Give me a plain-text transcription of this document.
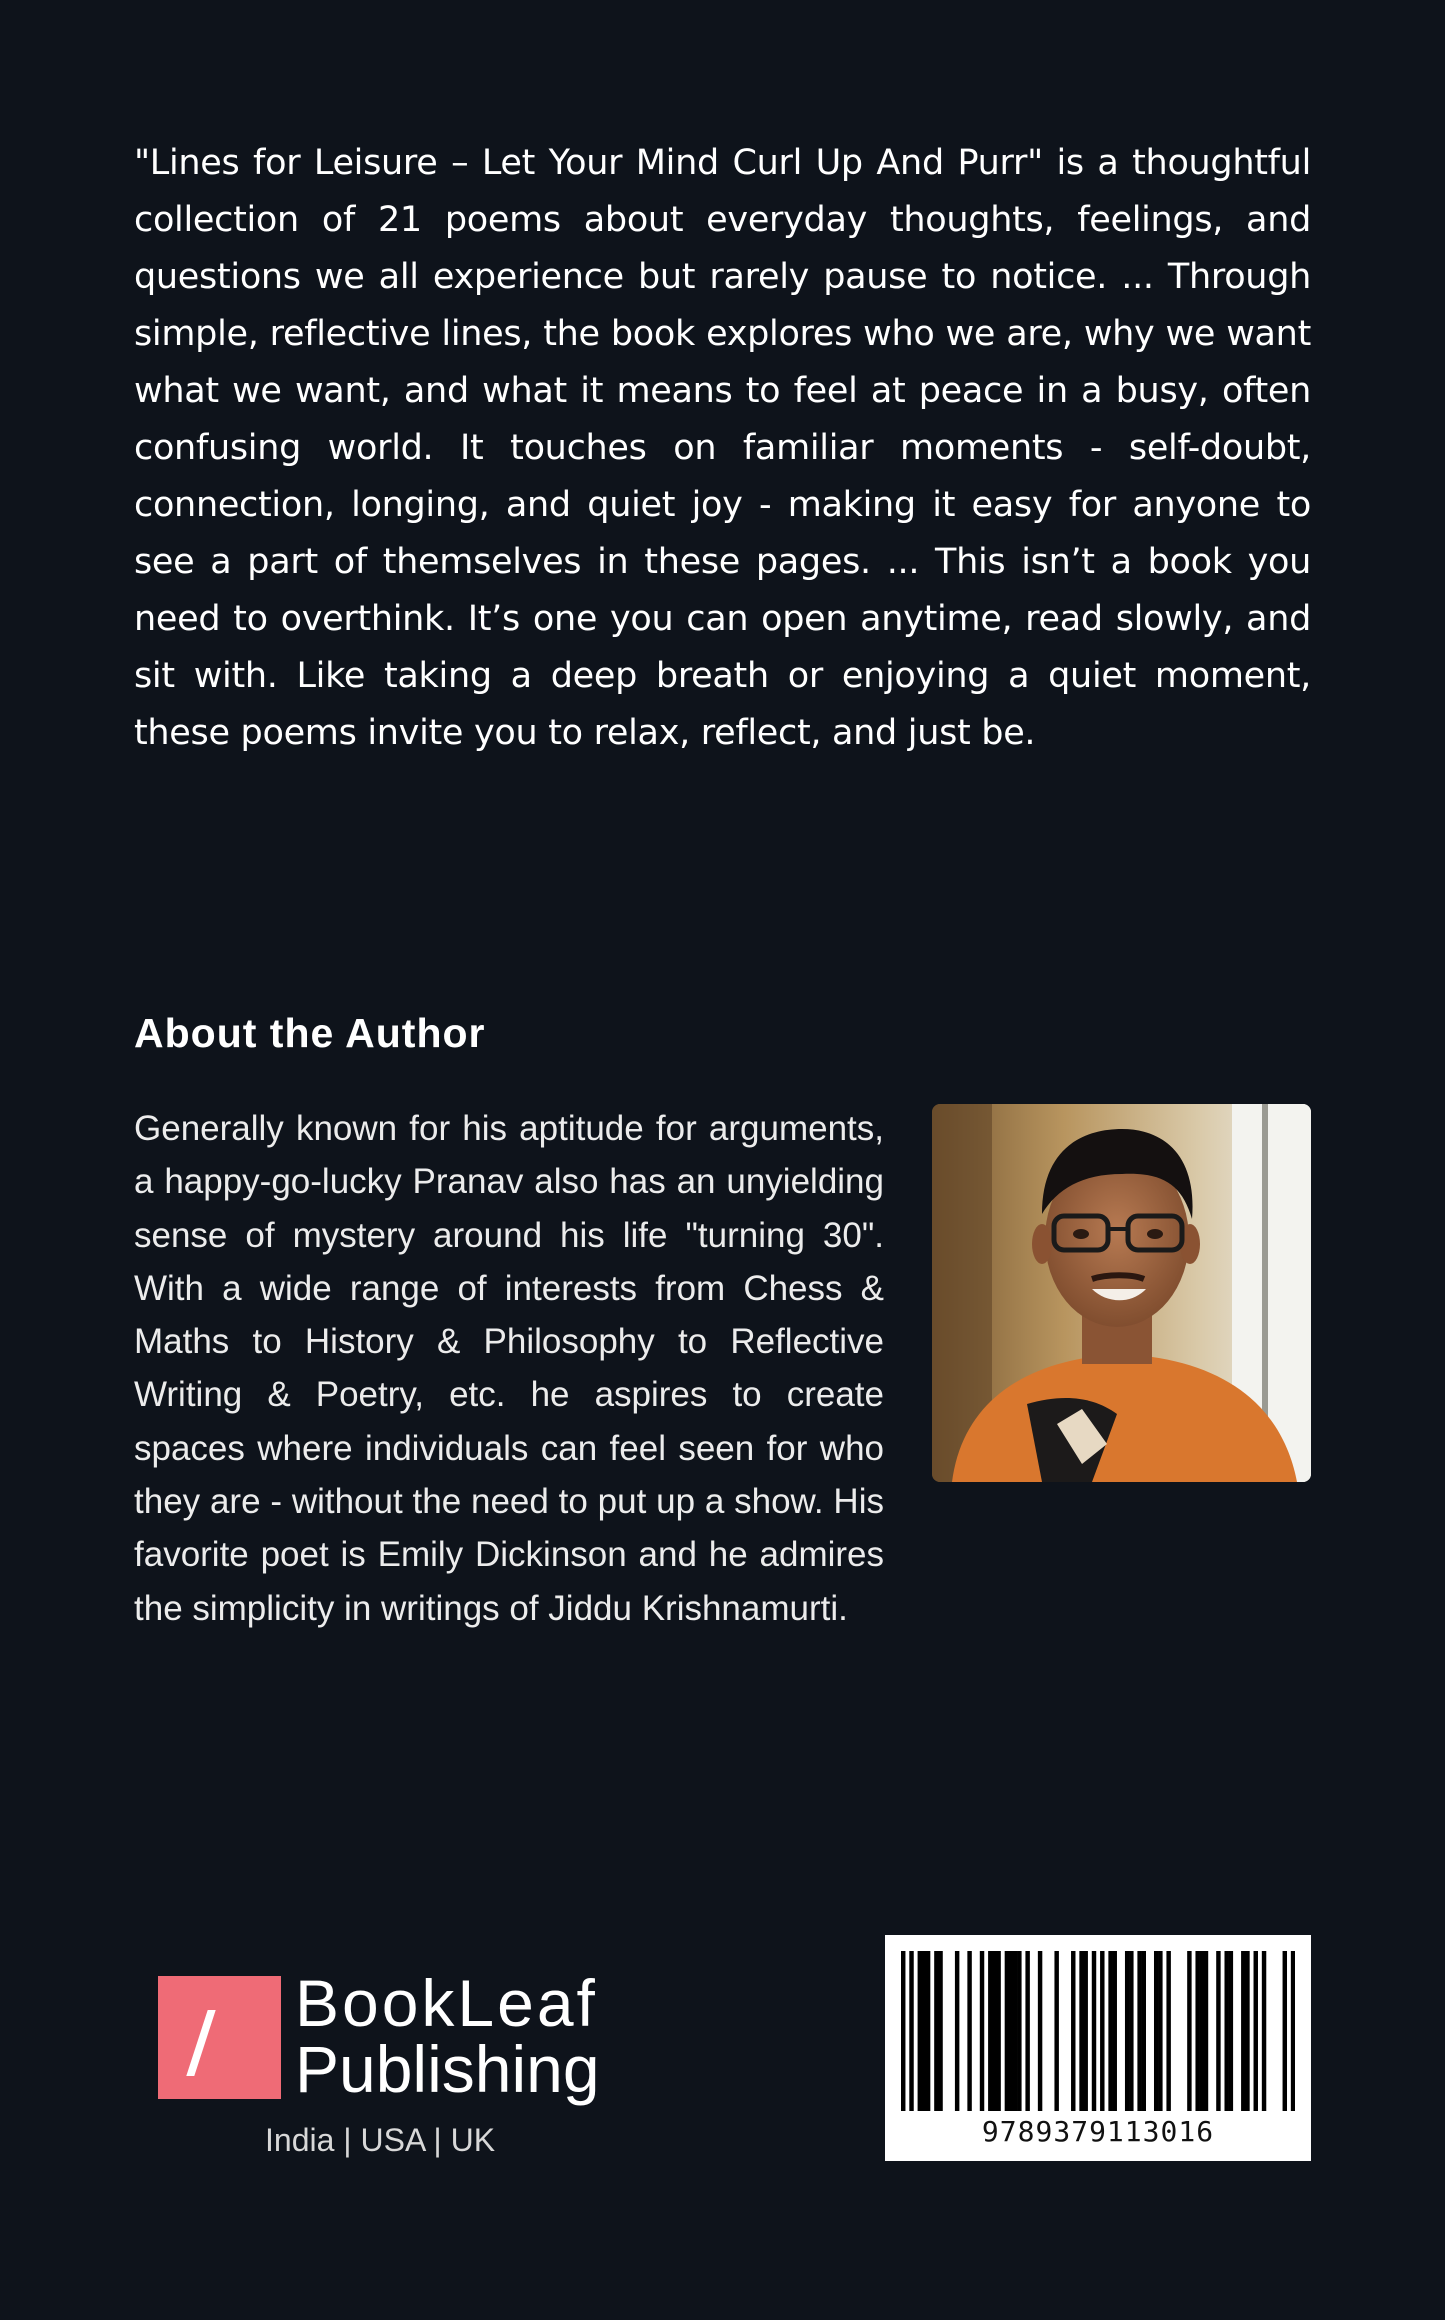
"Lines for Leisure – Let Your Mind Curl Up And Purr" is a thoughtful collection of 21 poems about everyday thoughts, feelings, and questions we all experience but rarely pause to notice. ... Through simple, reflective lines, the book explores who we are, why we want what we want, and what it means to feel at peace in a busy, often confusing world. It touches on familiar moments - self-doubt, connection, longing, and quiet joy - making it easy for anyone to see a part of themselves in these pages. ... This isn’t a book you need to overthink. It’s one you can open anytime, read slowly, and sit with. Like taking a deep breath or enjoying a quiet moment, these poems invite you to relax, reflect, and just be.

About the Author

Generally known for his aptitude for arguments, a happy-go-lucky Pranav also has an unyielding sense of mystery around his life "turning 30". With a wide range of interests from Chess & Maths to History & Philosophy to Reflective Writing & Poetry, etc. he aspires to create spaces where individuals can feel seen for who they are - without the need to put up a show. His favorite poet is Emily Dickinson and he admires the simplicity in writings of Jiddu Krishnamurti.

BookLeaf
Publishing
India | USA | UK	9789379113016
